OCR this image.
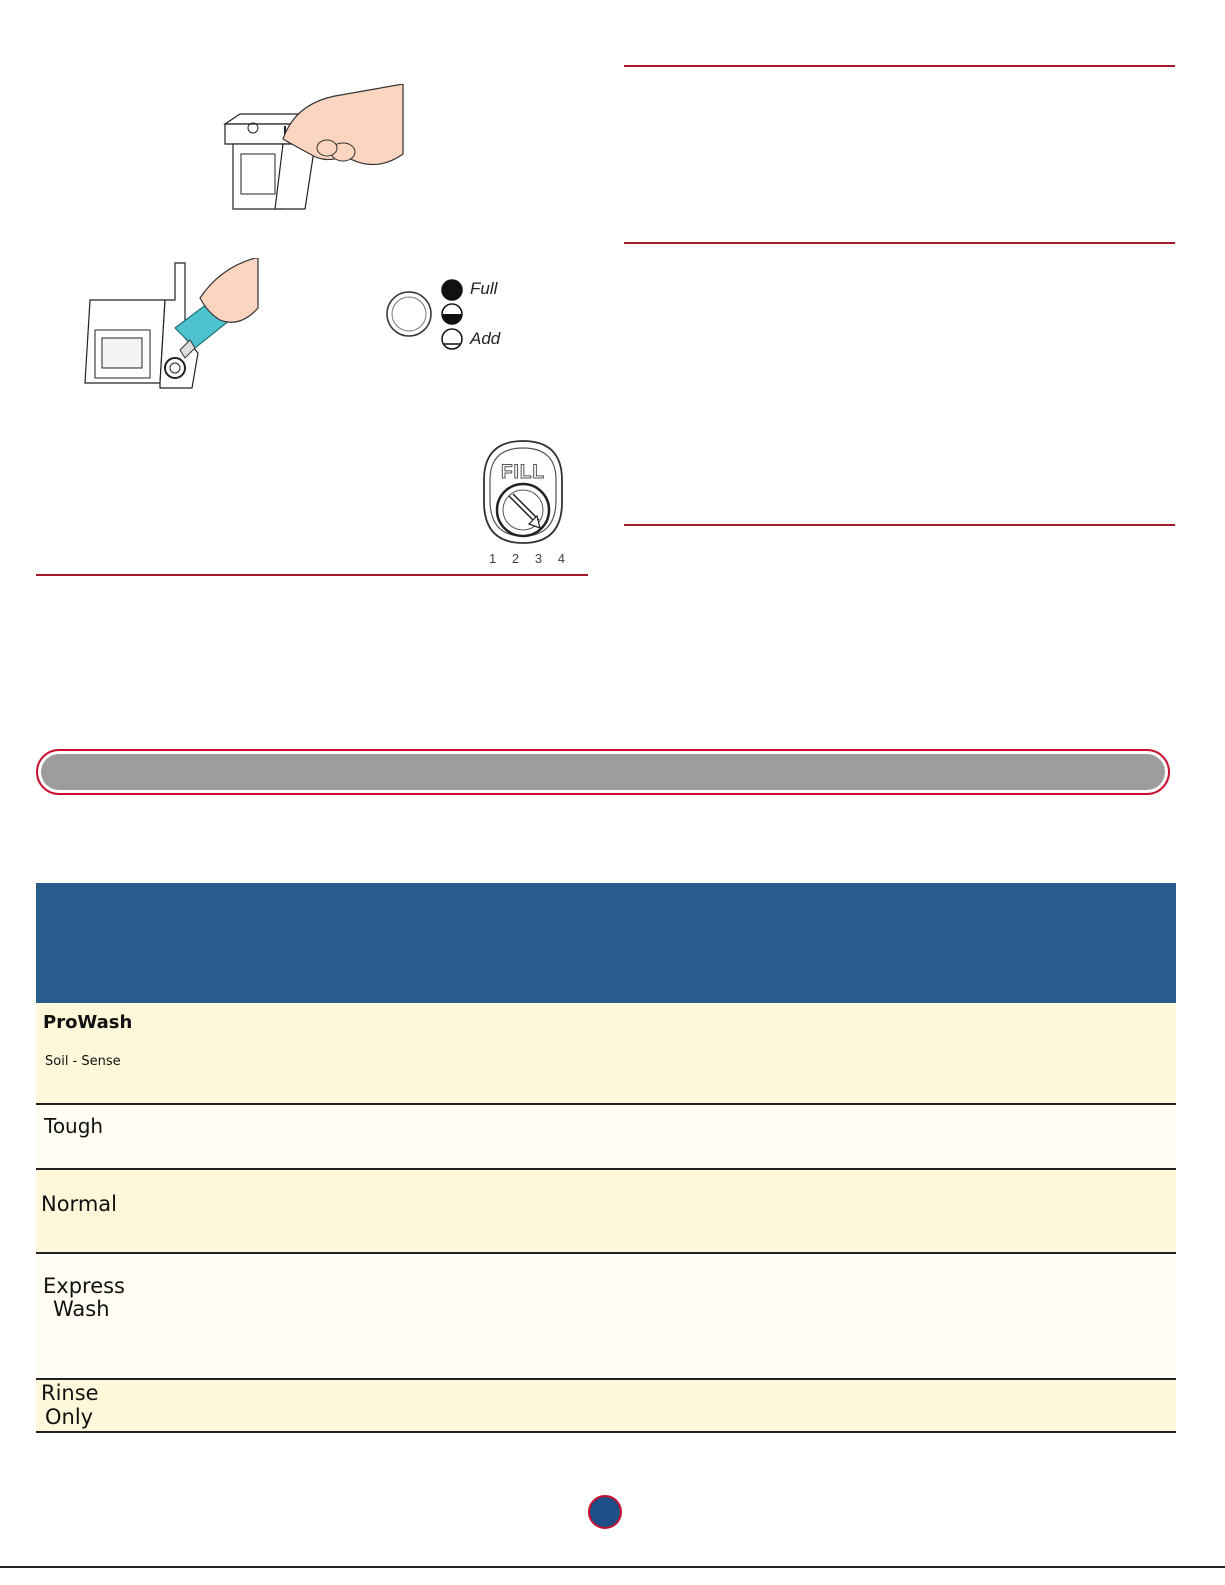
Full
Add
FILL
1 2 3 4
ProWash
Soil - Sense
Tough
Normal
Express
Wash
Rinse
Only
